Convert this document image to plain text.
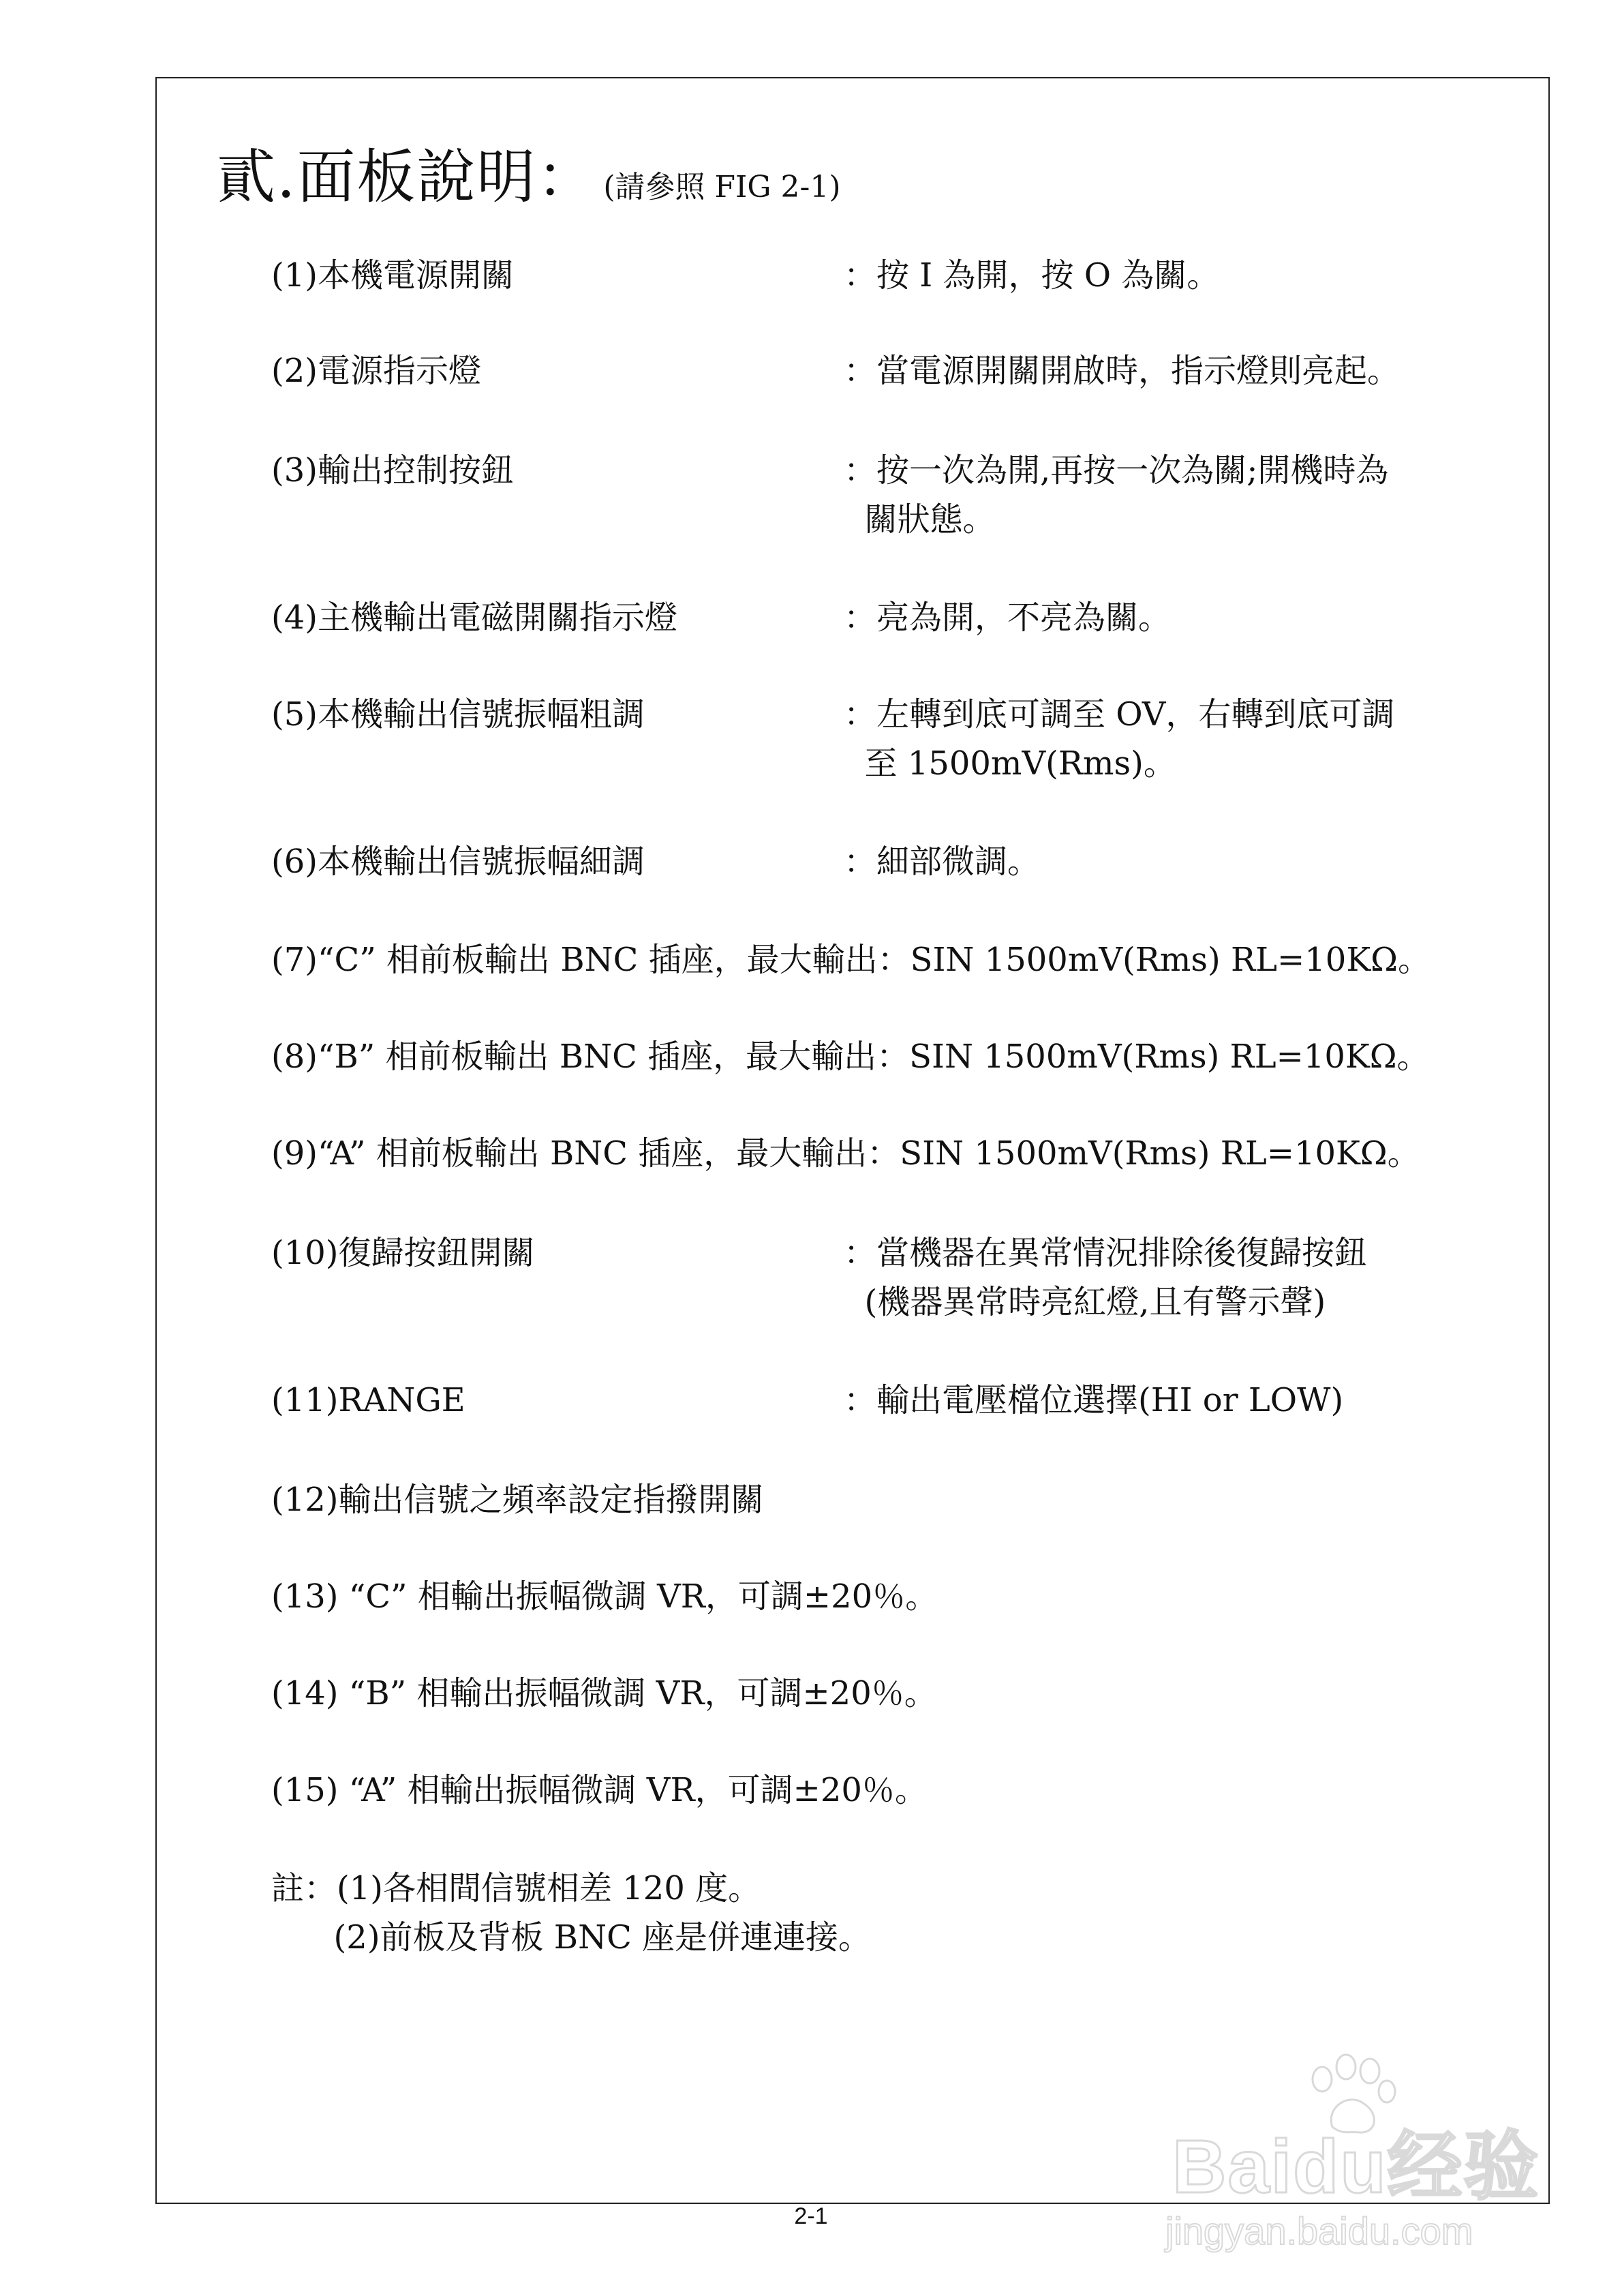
貳.面板說明： (請參照 FIG 2-1)
(1)本機電源開關	：按 I 為開，按 O 為關。
(2)電源指示燈	：當電源開關開啟時，指示燈則亮起。
(3)輸出控制按鈕	：按一次為開,再按一次為關;開機時為
關狀態。
(4)主機輸出電磁開關指示燈	：亮為開，不亮為關。
(5)本機輸出信號振幅粗調	：左轉到底可調至 OV，右轉到底可調
至 1500mV(Rms)。
(6)本機輸出信號振幅細調	：細部微調。
(7)“C” 相前板輸出 BNC 插座，最大輸出：SIN 1500mV(Rms) RL=10KΩ。
(8)“B” 相前板輸出 BNC 插座，最大輸出：SIN 1500mV(Rms) RL=10KΩ。
(9)“A” 相前板輸出 BNC 插座，最大輸出：SIN 1500mV(Rms) RL=10KΩ。
(10)復歸按鈕開關	：當機器在異常情況排除後復歸按鈕
(機器異常時亮紅燈,且有警示聲)
(11)RANGE	：輸出電壓檔位選擇(HI or LOW)
(12)輸出信號之頻率設定指撥開關
(13) “C” 相輸出振幅微調 VR，可調±20％。
(14) “B” 相輸出振幅微調 VR，可調±20％。
(15) “A” 相輸出振幅微調 VR，可調±20％。
註：(1)各相間信號相差 120 度。
(2)前板及背板 BNC 座是併連連接。
2-1
Baidu经验
jingyan.baidu.com
